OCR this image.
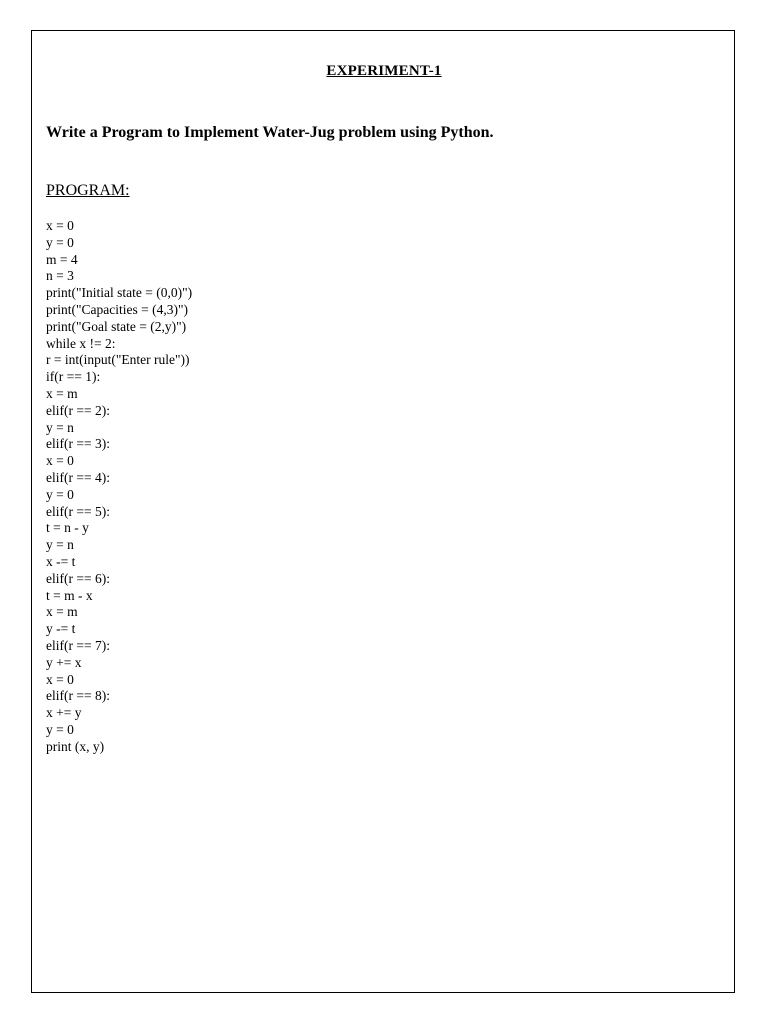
EXPERIMENT-1
Write a Program to Implement Water-Jug problem using Python.
PROGRAM:
x = 0
y = 0
m = 4
n = 3
print("Initial state = (0,0)")
print("Capacities = (4,3)")
print("Goal state = (2,y)")
while x != 2:
r = int(input("Enter rule"))
if(r == 1):
x = m
elif(r == 2):
y = n
elif(r == 3):
x = 0
elif(r == 4):
y = 0
elif(r == 5):
t = n - y
y = n
x -= t
elif(r == 6):
t = m - x
x = m
y -= t
elif(r == 7):
y += x
x = 0
elif(r == 8):
x += y
y = 0
print (x, y)
